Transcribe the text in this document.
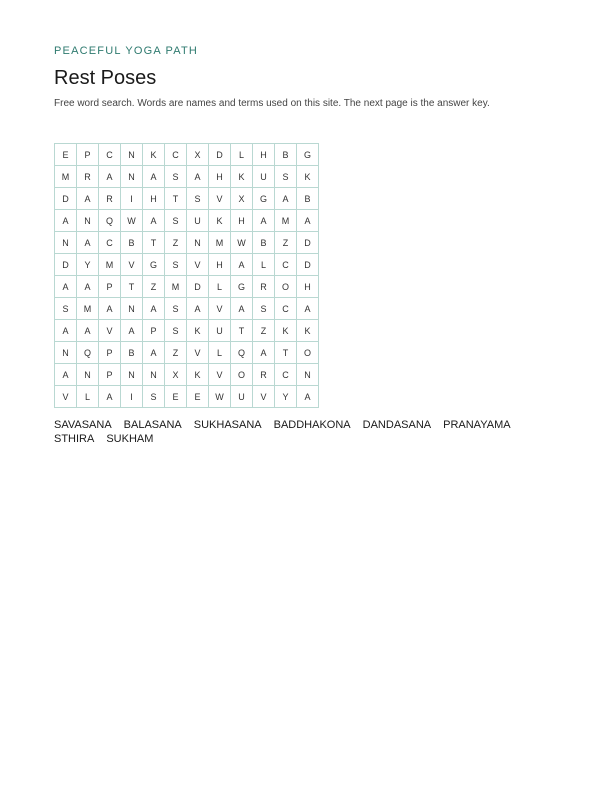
PEACEFUL YOGA PATH

Rest Poses

Free word search. Words are names and terms used on this site. The next page is the answer key.

E	P	C	N	K	C	X	D	L	H	B	G
M	R	A	N	A	S	A	H	K	U	S	K
D	A	R	I	H	T	S	V	X	G	A	B
A	N	Q	W	A	S	U	K	H	A	M	A
N	A	C	B	T	Z	N	M	W	B	Z	D
D	Y	M	V	G	S	V	H	A	L	C	D
A	A	P	T	Z	M	D	L	G	R	O	H
S	M	A	N	A	S	A	V	A	S	C	A
A	A	V	A	P	S	K	U	T	Z	K	K
N	Q	P	B	A	Z	V	L	Q	A	T	O
A	N	P	N	N	X	K	V	O	R	C	N
V	L	A	I	S	E	E	W	U	V	Y	A
SAVASANA BALASANA SUKHASANA BADDHAKONA DANDASANA PRANAYAMASTHIRA SUKHAM
